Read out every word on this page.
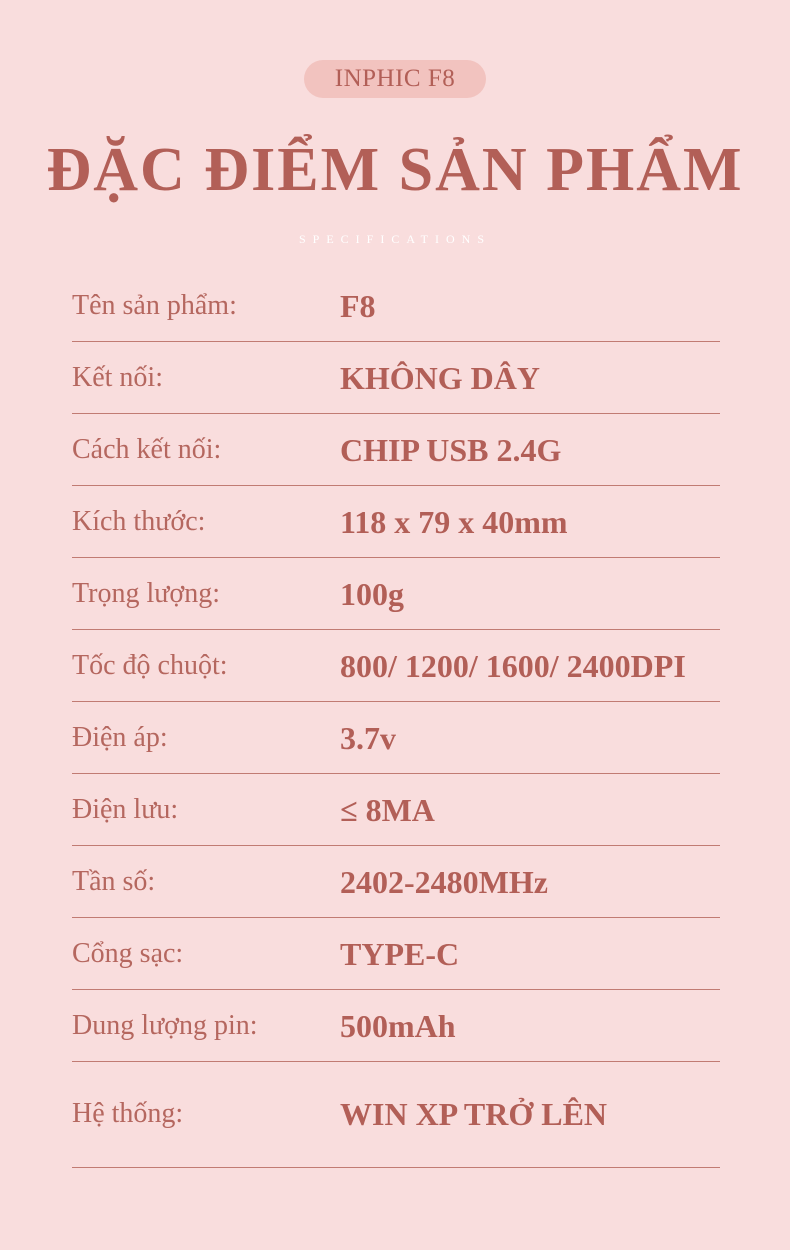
INPHIC F8
ĐẶC ĐIỂM SẢN PHẨM
SPECIFICATIONS
Tên sản phẩm:	F8
Kết nối:	KHÔNG DÂY
Cách kết nối:	CHIP USB 2.4G
Kích thước:	118 x 79 x 40mm
Trọng lượng:	100g
Tốc độ chuột:	800/ 1200/ 1600/ 2400DPI
Điện áp:	3.7v
Điện lưu:	≤ 8MA
Tần số:	2402-2480MHz
Cổng sạc:	TYPE-C
Dung lượng pin:	500mAh
Hệ thống:	WIN XP TRỞ LÊN
